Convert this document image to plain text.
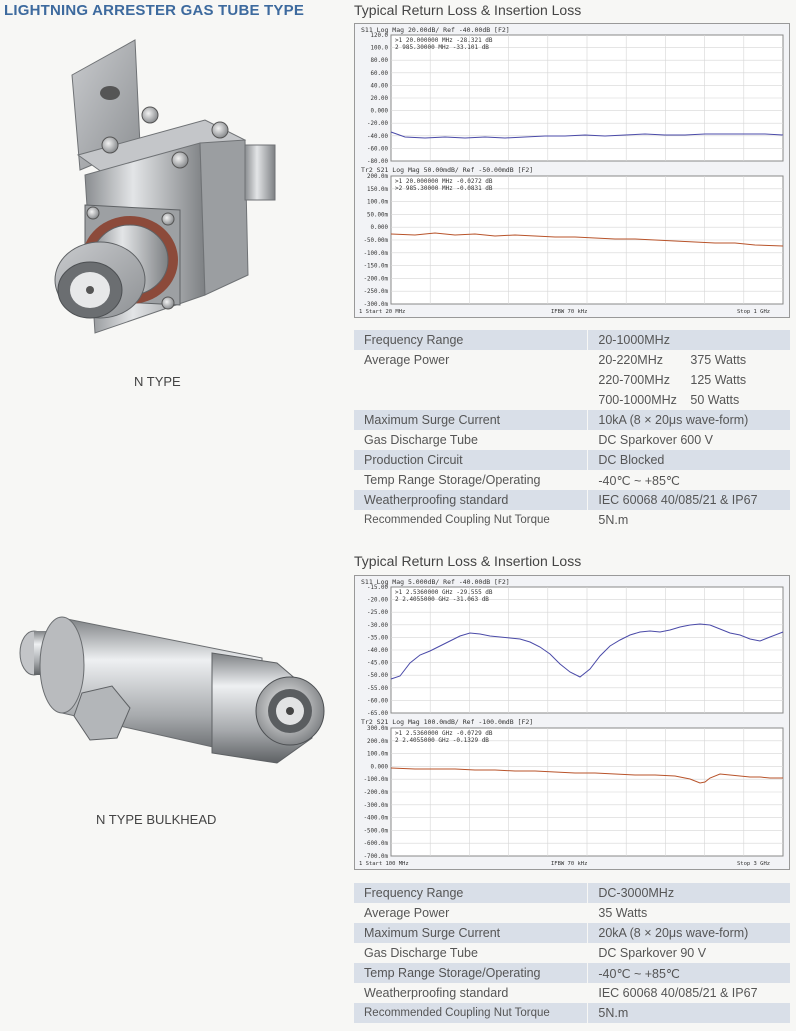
LIGHTNING ARRESTER GAS TUBE TYPE
N TYPE
N TYPE BULKHEAD
Typical Return Loss & Insertion Loss
S11 Log Mag 20.00dB/ Ref -40.00dB [F2]
>1 20.000000 MHz -28.321 dB
2 985.30000 MHz -33.101 dB
120.0
100.0
80.00
60.00
40.00
20.00
0.000
-20.00
-40.00
-60.00
-80.00
Tr2 S21 Log Mag 50.00mdB/ Ref -50.00mdB [F2]
>1 20.000000 MHz -0.0272 dB
>2 985.30000 MHz -0.0831 dB
200.0m
150.0m
100.0m
50.00m
0.000
-50.00m
-100.0m
-150.0m
-200.0m
-250.0m
-300.0m
1 Start 20 MHz	IFBW 70 kHz	Stop 1 GHz
Frequency Range	20-1000MHz
Average Power	20-220MHz 375 Watts
	220-700MHz 125 Watts
	700-1000MHz 50 Watts
Maximum Surge Current	10kA (8 × 20μs wave-form)
Gas Discharge Tube	DC Sparkover 600 V
Production Circuit	DC Blocked
Temp Range Storage/Operating	-40℃ ~ +85℃
Weatherproofing standard	IEC 60068 40/085/21 & IP67
Recommended Coupling Nut Torque	5N.m
Typical Return Loss & Insertion Loss
S11 Log Mag 5.000dB/ Ref -40.00dB [F2]
>1 2.5360000 GHz -29.555 dB
2 2.4055000 GHz -31.063 dB
-15.00
-20.00
-25.00
-30.00
-35.00
-40.00
-45.00
-50.00
-55.00
-60.00
-65.00
Tr2 S21 Log Mag 100.0mdB/ Ref -100.0mdB [F2]
>1 2.5360000 GHz -0.0729 dB
2 2.4055000 GHz -0.1329 dB
300.0m
200.0m
100.0m
0.000
-100.0m
-200.0m
-300.0m
-400.0m
-500.0m
-600.0m
-700.0m
1 Start 100 MHz	IFBW 70 kHz	Stop 3 GHz
Frequency Range	DC-3000MHz
Average Power	35 Watts
Maximum Surge Current	20kA (8 × 20μs wave-form)
Gas Discharge Tube	DC Sparkover 90 V
Temp Range Storage/Operating	-40℃ ~ +85℃
Weatherproofing standard	IEC 60068 40/085/21 & IP67
Recommended Coupling Nut Torque	5N.m
